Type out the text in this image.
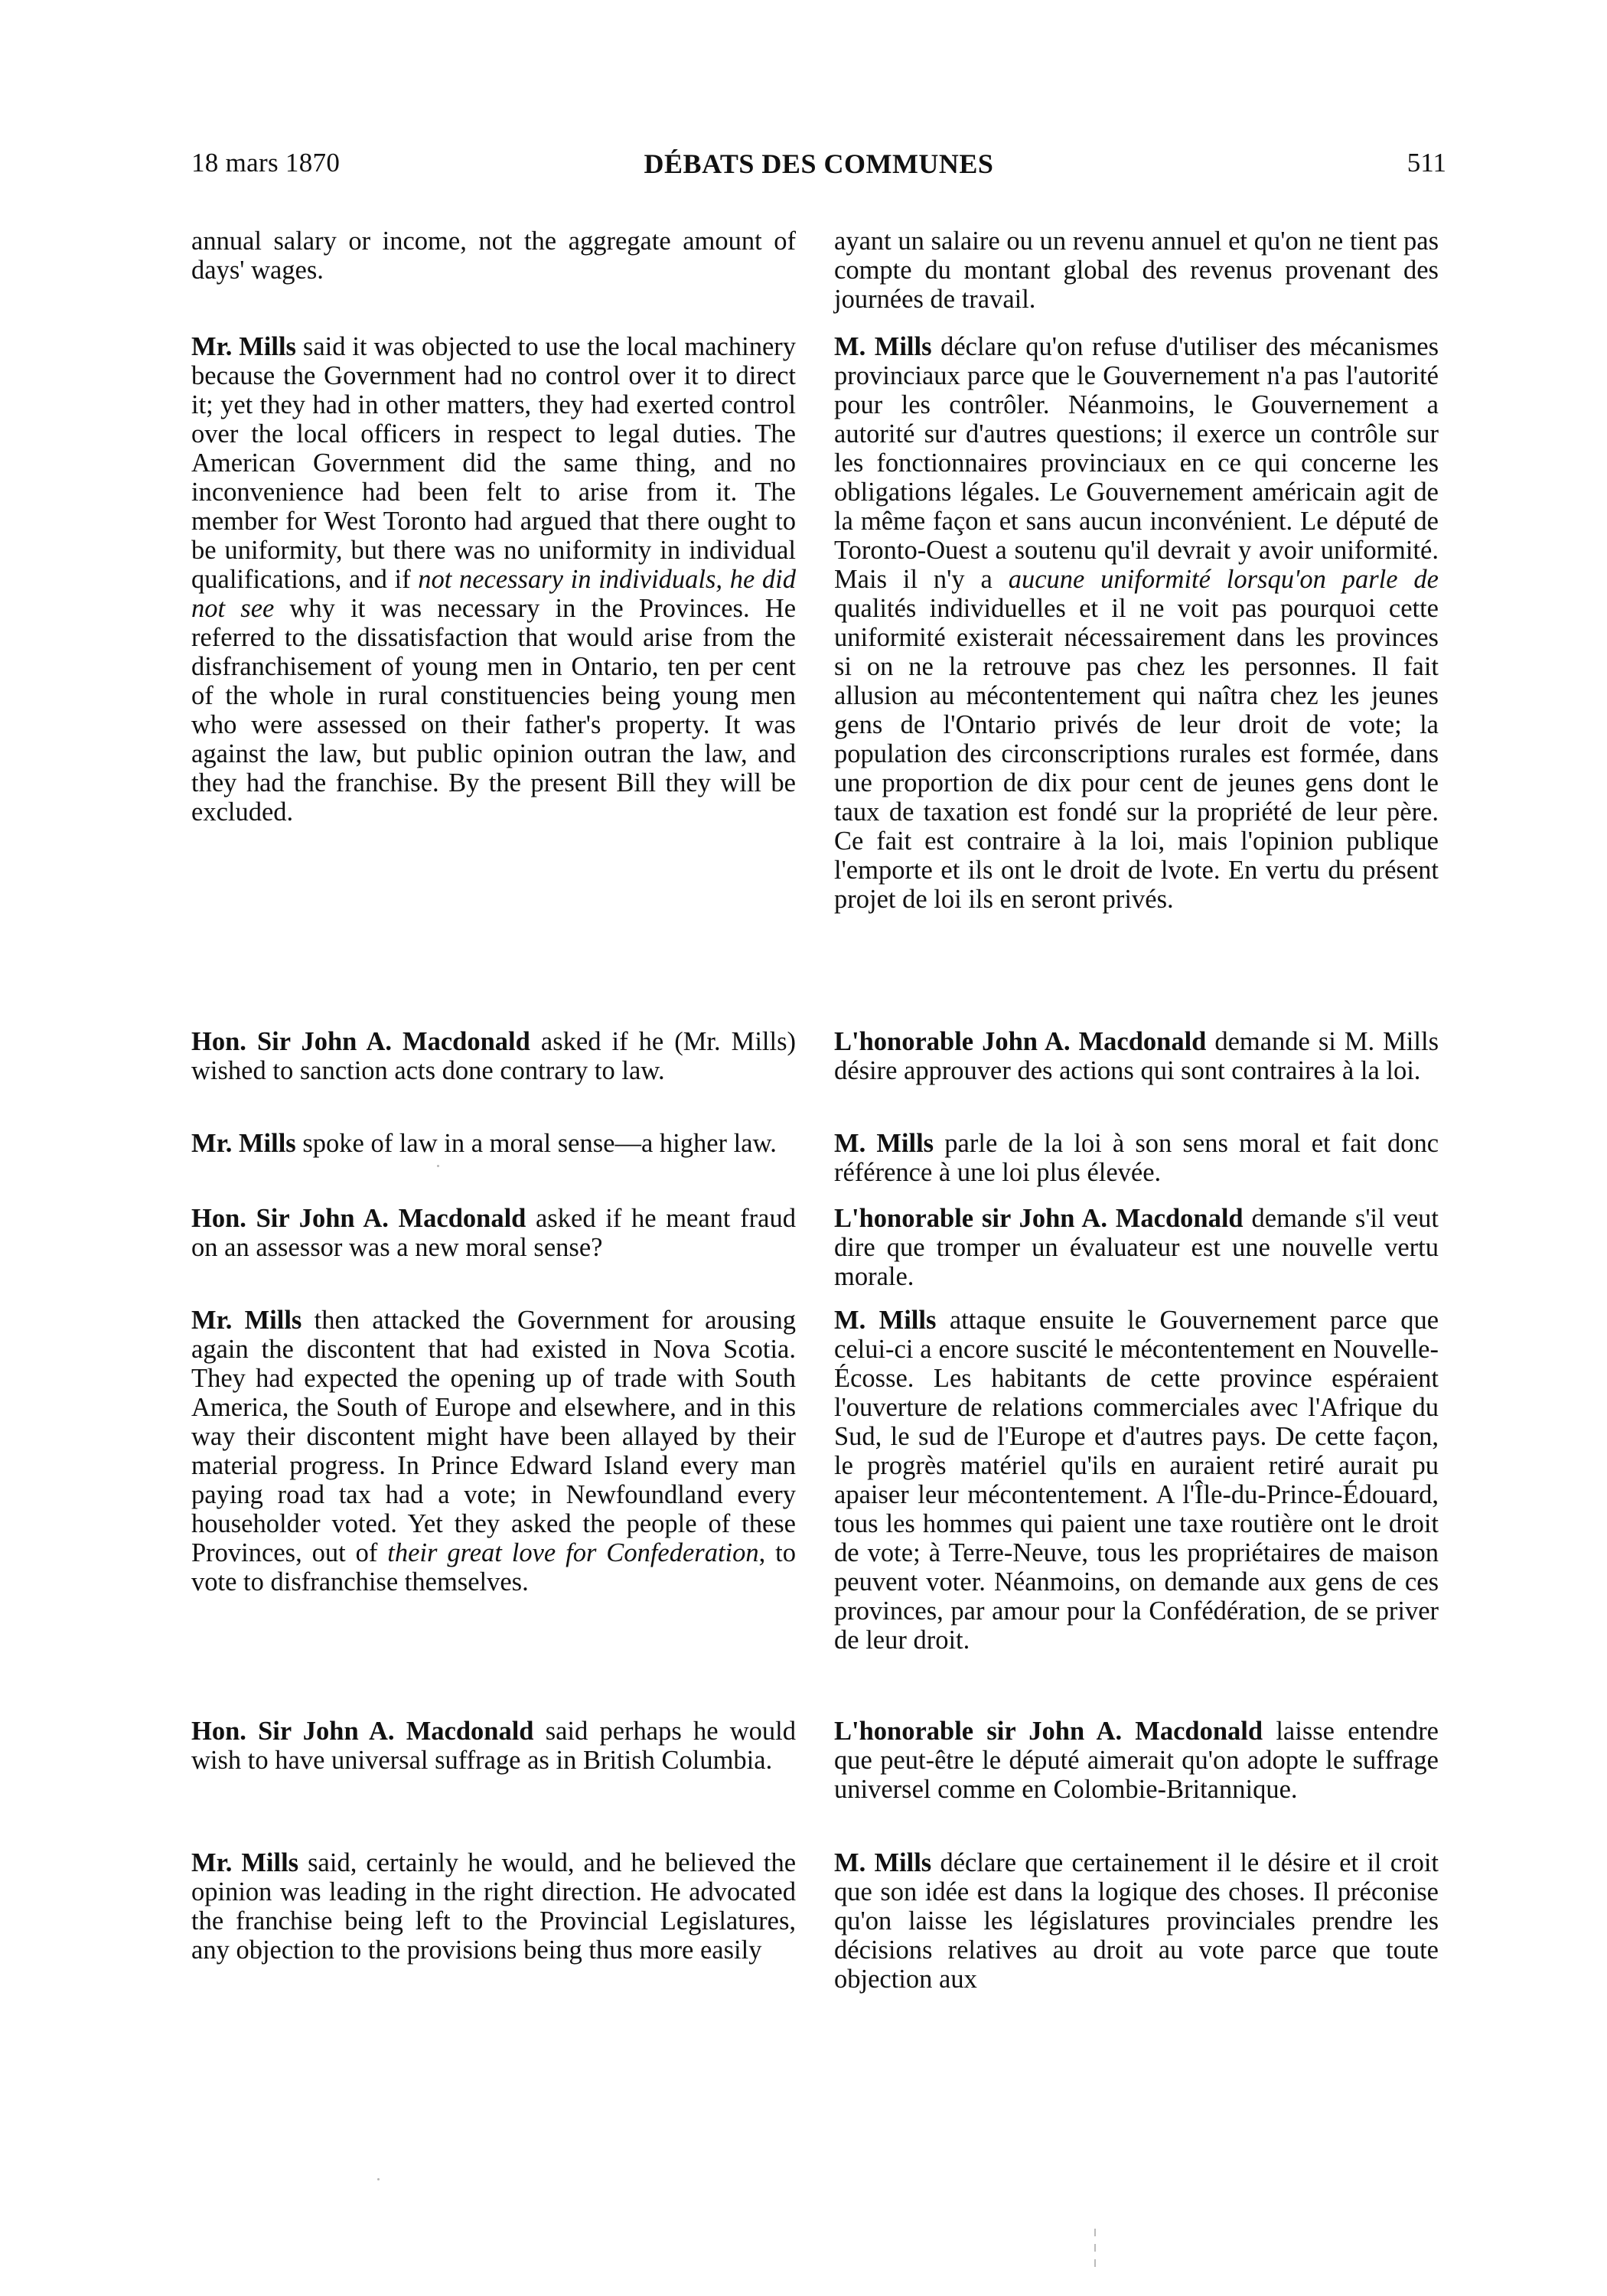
18 mars 1870	DÉBATS DES COMMUNES	511

annual salary or income, not the aggregate amount of days' wages.

Mr. Mills said it was objected to use the local machinery because the Government had no control over it to direct it; yet they had in other matters, they had exerted control over the local officers in respect to legal duties. The American Government did the same thing, and no inconvenience had been felt to arise from it. The member for West Toronto had argued that there ought to be uniformity, but there was no uniformity in individual qualifications, and if not necessary in individuals, he did not see why it was necessary in the Provinces. He referred to the dissatisfaction that would arise from the disfranchisement of young men in Ontario, ten per cent of the whole in rural constituencies being young men who were assessed on their father's property. It was against the law, but public opinion outran the law, and they had the franchise. By the present Bill they will be excluded.

Hon. Sir John A. Macdonald asked if he (Mr. Mills) wished to sanction acts done contrary to law.

Mr. Mills spoke of law in a moral sense—a higher law.

Hon. Sir John A. Macdonald asked if he meant fraud on an assessor was a new moral sense?

Mr. Mills then attacked the Government for arousing again the discontent that had existed in Nova Scotia. They had expected the opening up of trade with South America, the South of Europe and elsewhere, and in this way their discontent might have been allayed by their material progress. In Prince Edward Island every man paying road tax had a vote; in Newfoundland every householder voted. Yet they asked the people of these Provinces, out of their great love for Confederation, to vote to disfranchise themselves.

Hon. Sir John A. Macdonald said perhaps he would wish to have universal suffrage as in British Columbia.

Mr. Mills said, certainly he would, and he believed the opinion was leading in the right direction. He advocated the franchise being left to the Provincial Legislatures, any objection to the provisions being thus more easily

ayant un salaire ou un revenu annuel et qu'on ne tient pas compte du montant global des revenus provenant des journées de travail.

M. Mills déclare qu'on refuse d'utiliser des mécanismes provinciaux parce que le Gouvernement n'a pas l'autorité pour les contrôler. Néanmoins, le Gouvernement a autorité sur d'autres questions; il exerce un contrôle sur les fonctionnaires provinciaux en ce qui concerne les obligations légales. Le Gouvernement américain agit de la même façon et sans aucun inconvénient. Le député de Toronto-Ouest a soutenu qu'il devrait y avoir uniformité. Mais il n'y a aucune uniformité lorsqu'on parle de qualités individuelles et il ne voit pas pourquoi cette uniformité existerait nécessairement dans les provinces si on ne la retrouve pas chez les personnes. Il fait allusion au mécontentement qui naîtra chez les jeunes gens de l'Ontario privés de leur droit de vote; la population des circonscriptions rurales est formée, dans une proportion de dix pour cent de jeunes gens dont le taux de taxation est fondé sur la propriété de leur père. Ce fait est contraire à la loi, mais l'opinion publique l'emporte et ils ont le droit de lvote. En vertu du présent projet de loi ils en seront privés.

L'honorable John A. Macdonald demande si M. Mills désire approuver des actions qui sont contraires à la loi.

M. Mills parle de la loi à son sens moral et fait donc référence à une loi plus élevée.

L'honorable sir John A. Macdonald demande s'il veut dire que tromper un évaluateur est une nouvelle vertu morale.

M. Mills attaque ensuite le Gouvernement parce que celui-ci a encore suscité le mécontentement en Nouvelle-Écosse. Les habitants de cette province espéraient l'ouverture de relations commerciales avec l'Afrique du Sud, le sud de l'Europe et d'autres pays. De cette façon, le progrès matériel qu'ils en auraient retiré aurait pu apaiser leur mécontentement. A l'Île-du-Prince-Édouard, tous les hommes qui paient une taxe routière ont le droit de vote; à Terre-Neuve, tous les propriétaires de maison peuvent voter. Néanmoins, on demande aux gens de ces provinces, par amour pour la Confédération, de se priver de leur droit.

L'honorable sir John A. Macdonald laisse entendre que peut-être le député aimerait qu'on adopte le suffrage universel comme en Colombie-Britannique.

M. Mills déclare que certainement il le désire et il croit que son idée est dans la logique des choses. Il préconise qu'on laisse les législatures provinciales prendre les décisions relatives au droit au vote parce que toute objection aux
